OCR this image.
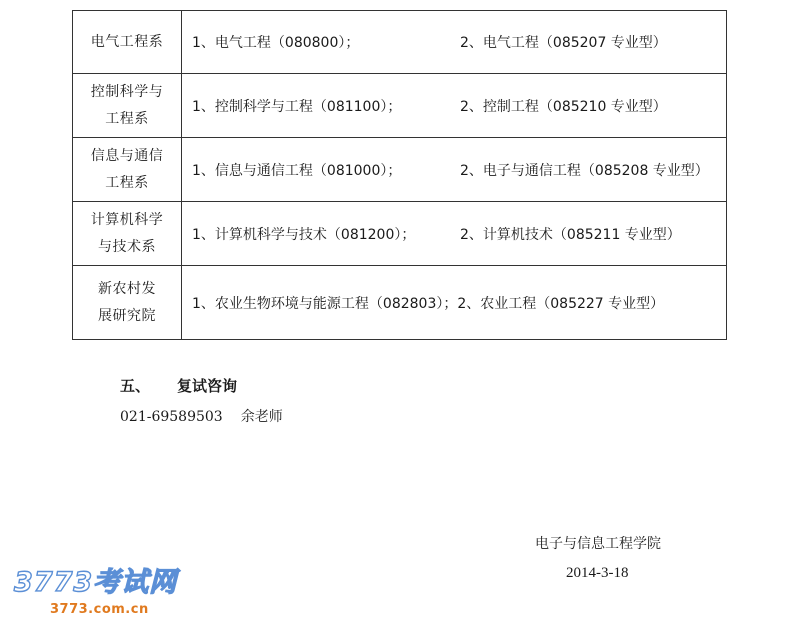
电气工程系	1、电气工程（080800）； 2、电气工程（085207 专业型）
控制科学与
工程系	1、控制科学与工程（081100）； 2、控制工程（085210 专业型）
信息与通信
工程系	1、信息与通信工程（081000）； 2、电子与通信工程（085208 专业型）
计算机科学
与技术系	1、计算机科学与技术（081200）； 2、计算机技术（085211 专业型）
新农村发
展研究院	1、农业生物环境与能源工程（082803）；2、农业工程（085227 专业型）
五、 复试咨询
021-69589503 余老师
电子与信息工程学院
2014-3-18
3773考试网
3773.com.cn
